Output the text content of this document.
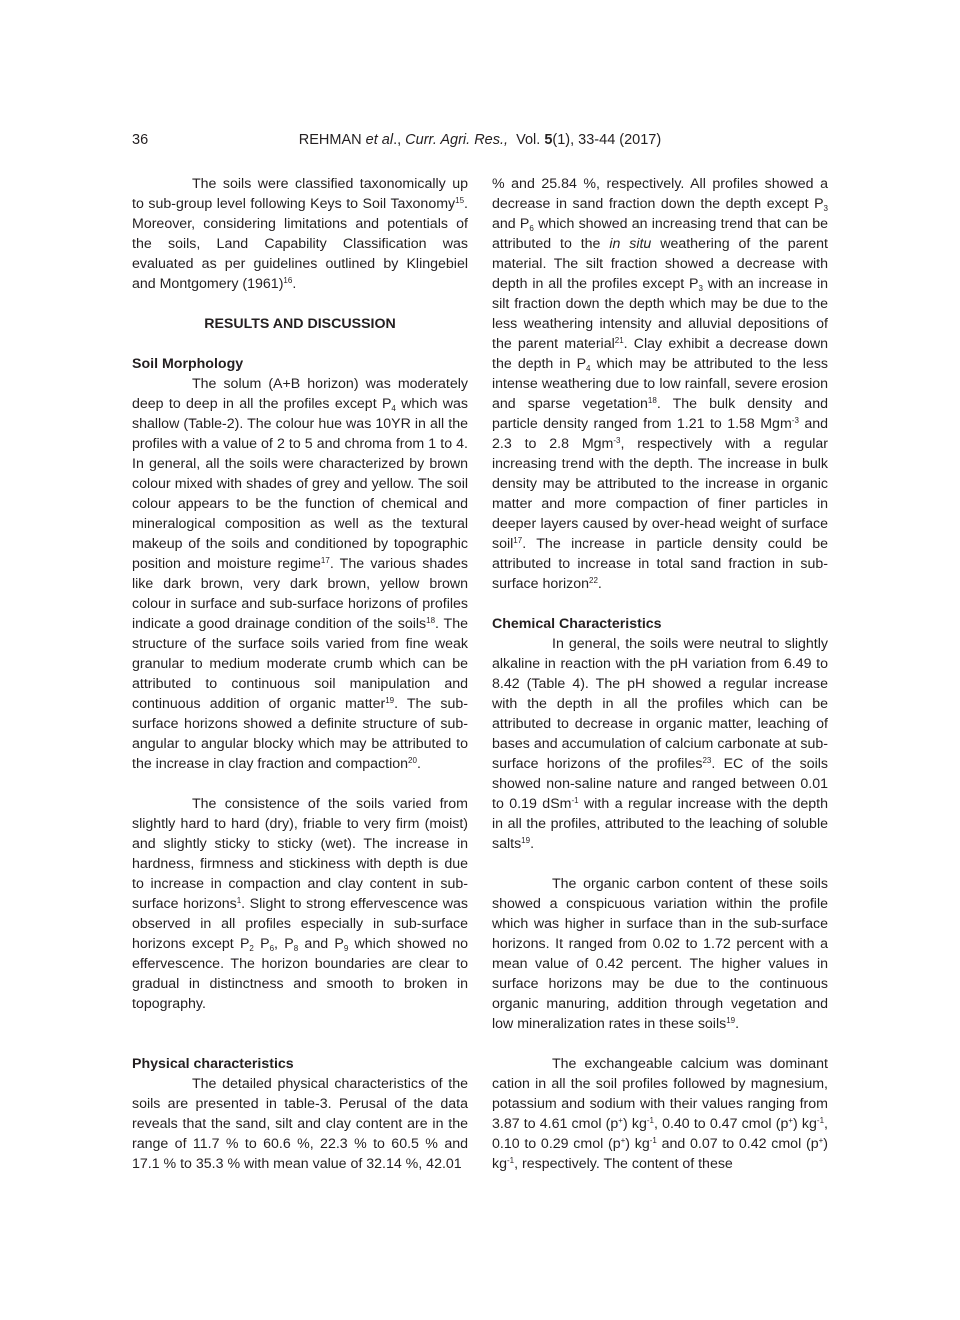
36	REHMAN et al., Curr. Agri. Res., Vol. 5(1), 33-44 (2017)

The soils were classified taxonomically up to sub-group level following Keys to Soil Taxonomy$^{15}$. Moreover, considering limitations and potentials of the soils, Land Capability Classification was evaluated as per guidelines outlined by Klingebiel and Montgomery $(1961)^{16}$.

RESULTS AND DISCUSSION

Soil Morphology

The solum (A+B horizon) was moderately deep to deep in all the profiles except $P_4$ which was shallow (Table-2). The colour hue was 10YR in all the profiles with a value of 2 to 5 and chroma from 1 to 4. In general, all the soils were characterized by brown colour mixed with shades of grey and yellow. The soil colour appears to be the function of chemical and mineralogical composition as well as the textural makeup of the soils and conditioned by topographic position and moisture regime$^{17}$. The various shades like dark brown, very dark brown, yellow brown colour in surface and sub-surface horizons of profiles indicate a good drainage condition of the soils$^{18}$. The structure of the surface soils varied from fine weak granular to medium moderate crumb which can be attributed to continuous soil manipulation and continuous addition of organic matter$^{19}$. The sub-surface horizons showed a definite structure of sub-angular to angular blocky which may be attributed to the increase in clay fraction and compaction$^{20}$.

The consistence of the soils varied from slightly hard to hard (dry), friable to very firm (moist) and slightly sticky to sticky (wet). The increase in hardness, firmness and stickiness with depth is due to increase in compaction and clay content in sub-surface horizons$^1$. Slight to strong effervescence was observed in all profiles especially in sub-surface horizons except $P_2$ $P_6$, $P_8$ and $P_9$ which showed no effervescence. The horizon boundaries are clear to gradual in distinctness and smooth to broken in topography.

Physical characteristics

The detailed physical characteristics of the soils are presented in table-3. Perusal of the data reveals that the sand, silt and clay content are in the range of 11.7 % to 60.6 %, 22.3 % to 60.5 % and 17.1 % to 35.3 % with mean value of 32.14 %, 42.01

% and 25.84 %, respectively. All profiles showed a decrease in sand fraction down the depth except $P_3$ and $P_6$ which showed an increasing trend that can be attributed to the in situ weathering of the parent material. The silt fraction showed a decrease with depth in all the profiles except $P_3$ with an increase in silt fraction down the depth which may be due to the less weathering intensity and alluvial depositions of the parent material$^{21}$. Clay exhibit a decrease down the depth in $P_4$ which may be attributed to the less intense weathering due to low rainfall, severe erosion and sparse vegetation$^{18}$. The bulk density and particle density ranged from 1.21 to 1.58 Mgm$^{-3}$ and 2.3 to 2.8 Mgm$^{-3}$, respectively with a regular increasing trend with the depth. The increase in bulk density may be attributed to the increase in organic matter and more compaction of finer particles in deeper layers caused by over-head weight of surface soil$^{17}$. The increase in particle density could be attributed to increase in total sand fraction in sub-surface horizon$^{22}$.

Chemical Characteristics

In general, the soils were neutral to slightly alkaline in reaction with the pH variation from 6.49 to 8.42 (Table 4). The pH showed a regular increase with the depth in all the profiles which can be attributed to decrease in organic matter, leaching of bases and accumulation of calcium carbonate at sub-surface horizons of the profiles$^{23}$. EC of the soils showed non-saline nature and ranged between 0.01 to 0.19 dSm$^{-1}$ with a regular increase with the depth in all the profiles, attributed to the leaching of soluble salts$^{19}$.

The organic carbon content of these soils showed a conspicuous variation within the profile which was higher in surface than in the sub-surface horizons. It ranged from 0.02 to 1.72 percent with a mean value of 0.42 percent. The higher values in surface horizons may be due to the continuous organic manuring, addition through vegetation and low mineralization rates in these soils$^{19}$.

The exchangeable calcium was dominant cation in all the soil profiles followed by magnesium, potassium and sodium with their values ranging from 3.87 to 4.61 cmol (p+) $kg^{-1}$, 0.40 to 0.47 cmol (p+) $kg^{-1}$, 0.10 to 0.29 cmol (p+) $kg^{-1}$ and 0.07 to 0.42 cmol (p+) $kg^{-1}$, respectively. The content of these
